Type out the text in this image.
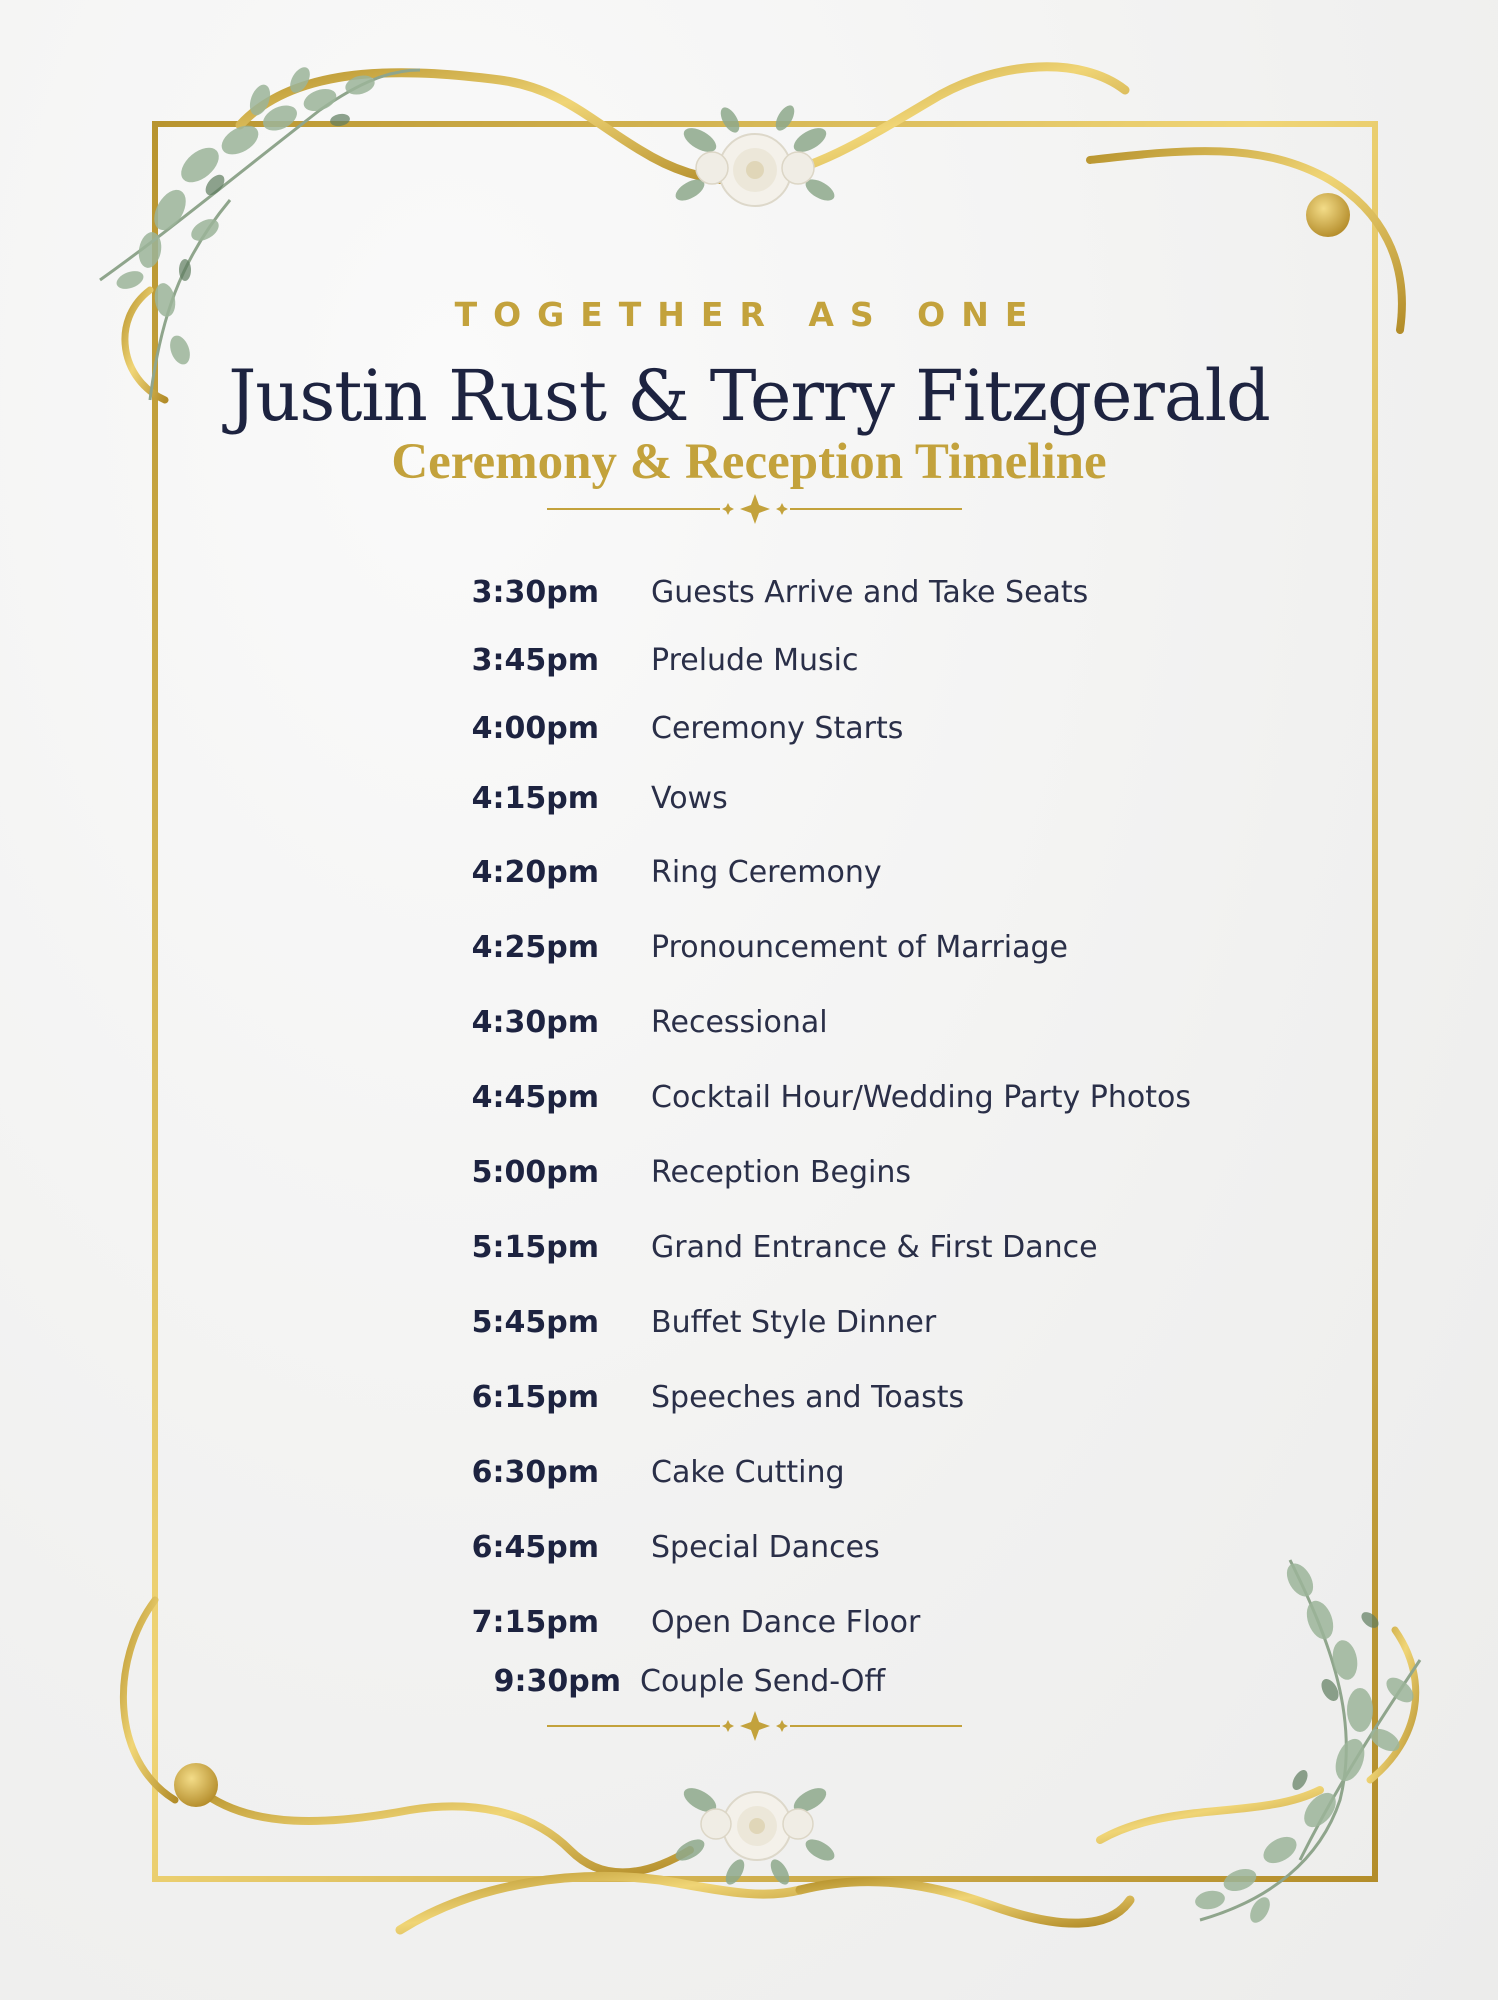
TOGETHER AS ONE
Justin Rust & Terry Fitzgerald
Ceremony & Reception Timeline
3:30pm Guests Arrive and Take Seats
3:45pm Prelude Music
4:00pm Ceremony Starts
4:15pm Vows
4:20pm Ring Ceremony
4:25pm Pronouncement of Marriage
4:30pm Recessional
4:45pm Cocktail Hour/Wedding Party Photos
5:00pm Reception Begins
5:15pm Grand Entrance & First Dance
5:45pm Buffet Style Dinner
6:15pm Speeches and Toasts
6:30pm Cake Cutting
6:45pm Special Dances
7:15pm Open Dance Floor
9:30pm Couple Send-Off
